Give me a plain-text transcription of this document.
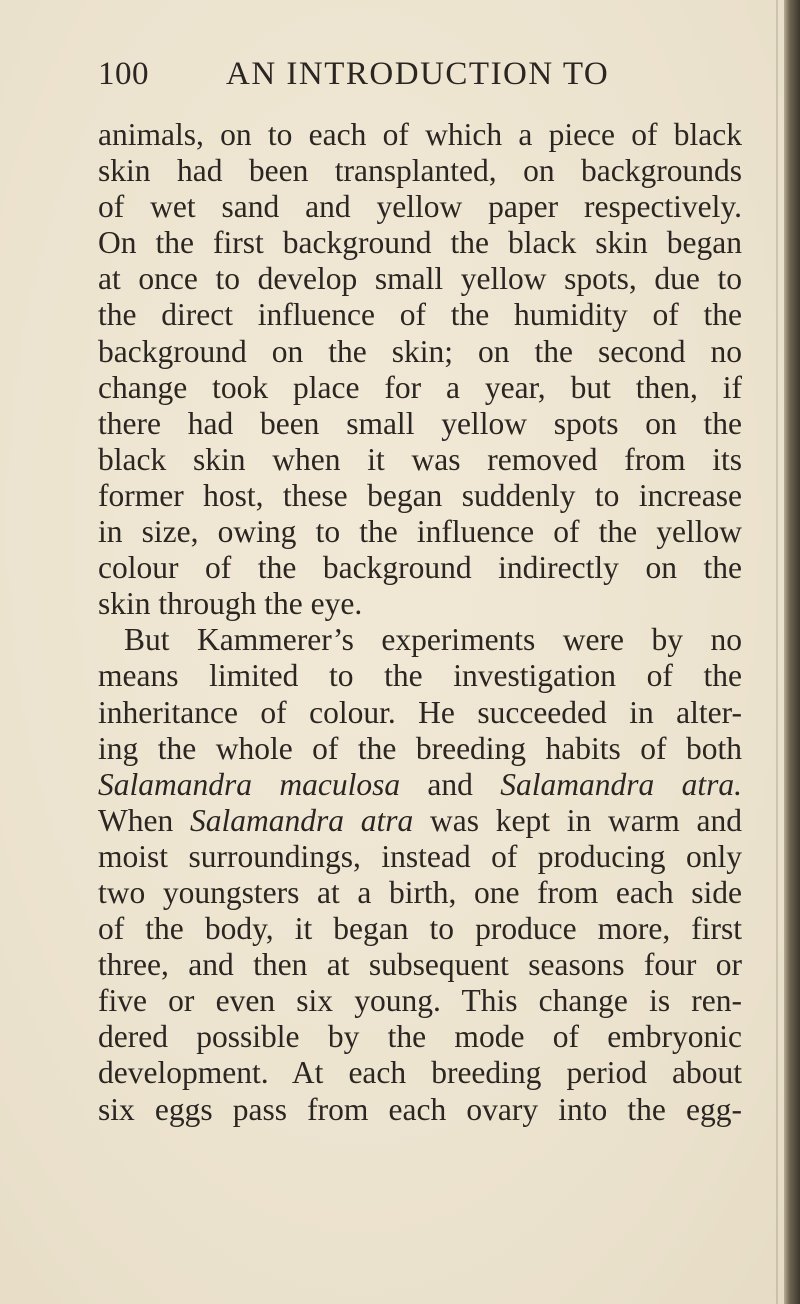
100 AN INTRODUCTION TO
animals, on to each of which a piece of black
skin had been transplanted, on backgrounds
of wet sand and yellow paper respectively.
On the first background the black skin began
at once to develop small yellow spots, due to
the direct influence of the humidity of the
background on the skin; on the second no
change took place for a year, but then, if
there had been small yellow spots on the
black skin when it was removed from its
former host, these began suddenly to increase
in size, owing to the influence of the yellow
colour of the background indirectly on the
skin through the eye.
But Kammerer’s experiments were by no
means limited to the investigation of the
inheritance of colour. He succeeded in alter-
ing the whole of the breeding habits of both
Salamandra maculosa and Salamandra atra.
When Salamandra atra was kept in warm and
moist surroundings, instead of producing only
two youngsters at a birth, one from each side
of the body, it began to produce more, first
three, and then at subsequent seasons four or
five or even six young. This change is ren-
dered possible by the mode of embryonic
development. At each breeding period about
six eggs pass from each ovary into the egg-
